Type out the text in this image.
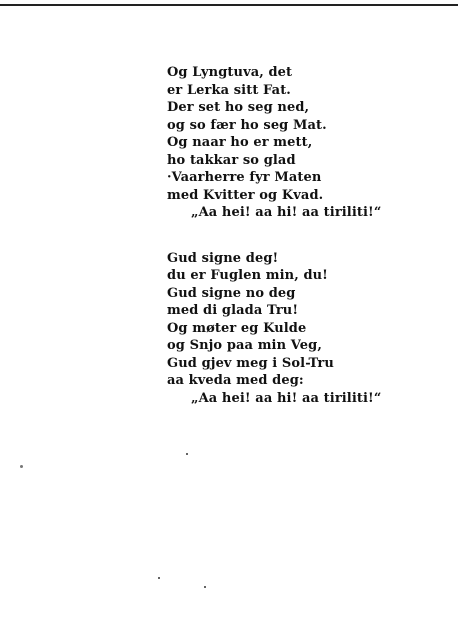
Og Lyngtuva, det
er Lerka sitt Fat.
Der set ho seg ned,
og so fær ho seg Mat.
Og naar ho er mett,
ho takkar so glad
·Vaarherre fyr Maten
med Kvitter og Kvad.
„Aa hei! aa hi! aa tiriliti!“
Gud signe deg!
du er Fuglen min, du!
Gud signe no deg
med di glada Tru!
Og møter eg Kulde
og Snjo paa min Veg,
Gud gjev meg i Sol-Tru
aa kveda med deg:
„Aa hei! aa hi! aa tiriliti!“
